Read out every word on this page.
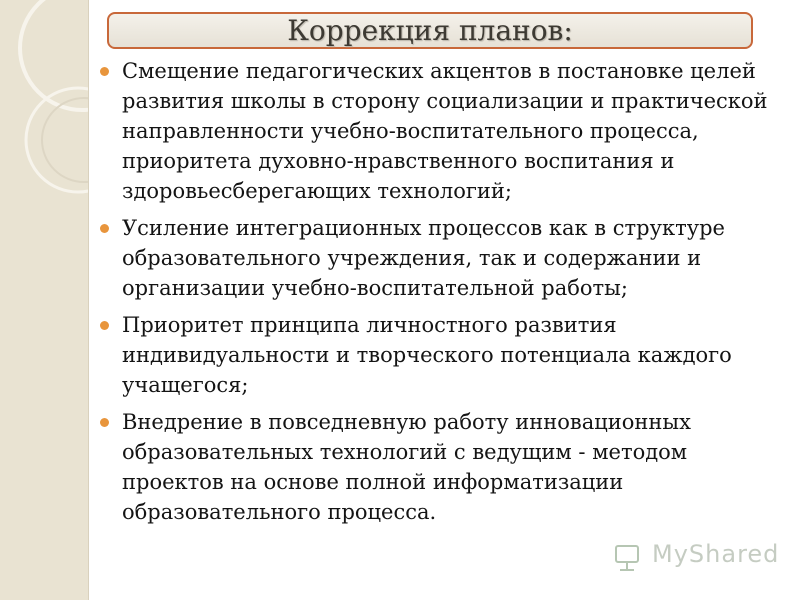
Коррекция планов:
Смещение педагогических акцентов в постановке целей развития школы в сторону социализации и практической направленности учебно-воспитательного процесса, приоритета духовно-нравственного воспитания и здоровьесберегающих технологий;
Усиление интеграционных процессов как в структуре образовательного учреждения, так и содержании и организации учебно-воспитательной работы;
Приоритет принципа личностного развития индивидуальности и творческого потенциала каждого учащегося;
Внедрение в повседневную работу инновационных образовательных технологий с ведущим - методом проектов на основе полной информатизации образовательного процесса.
MyShared
